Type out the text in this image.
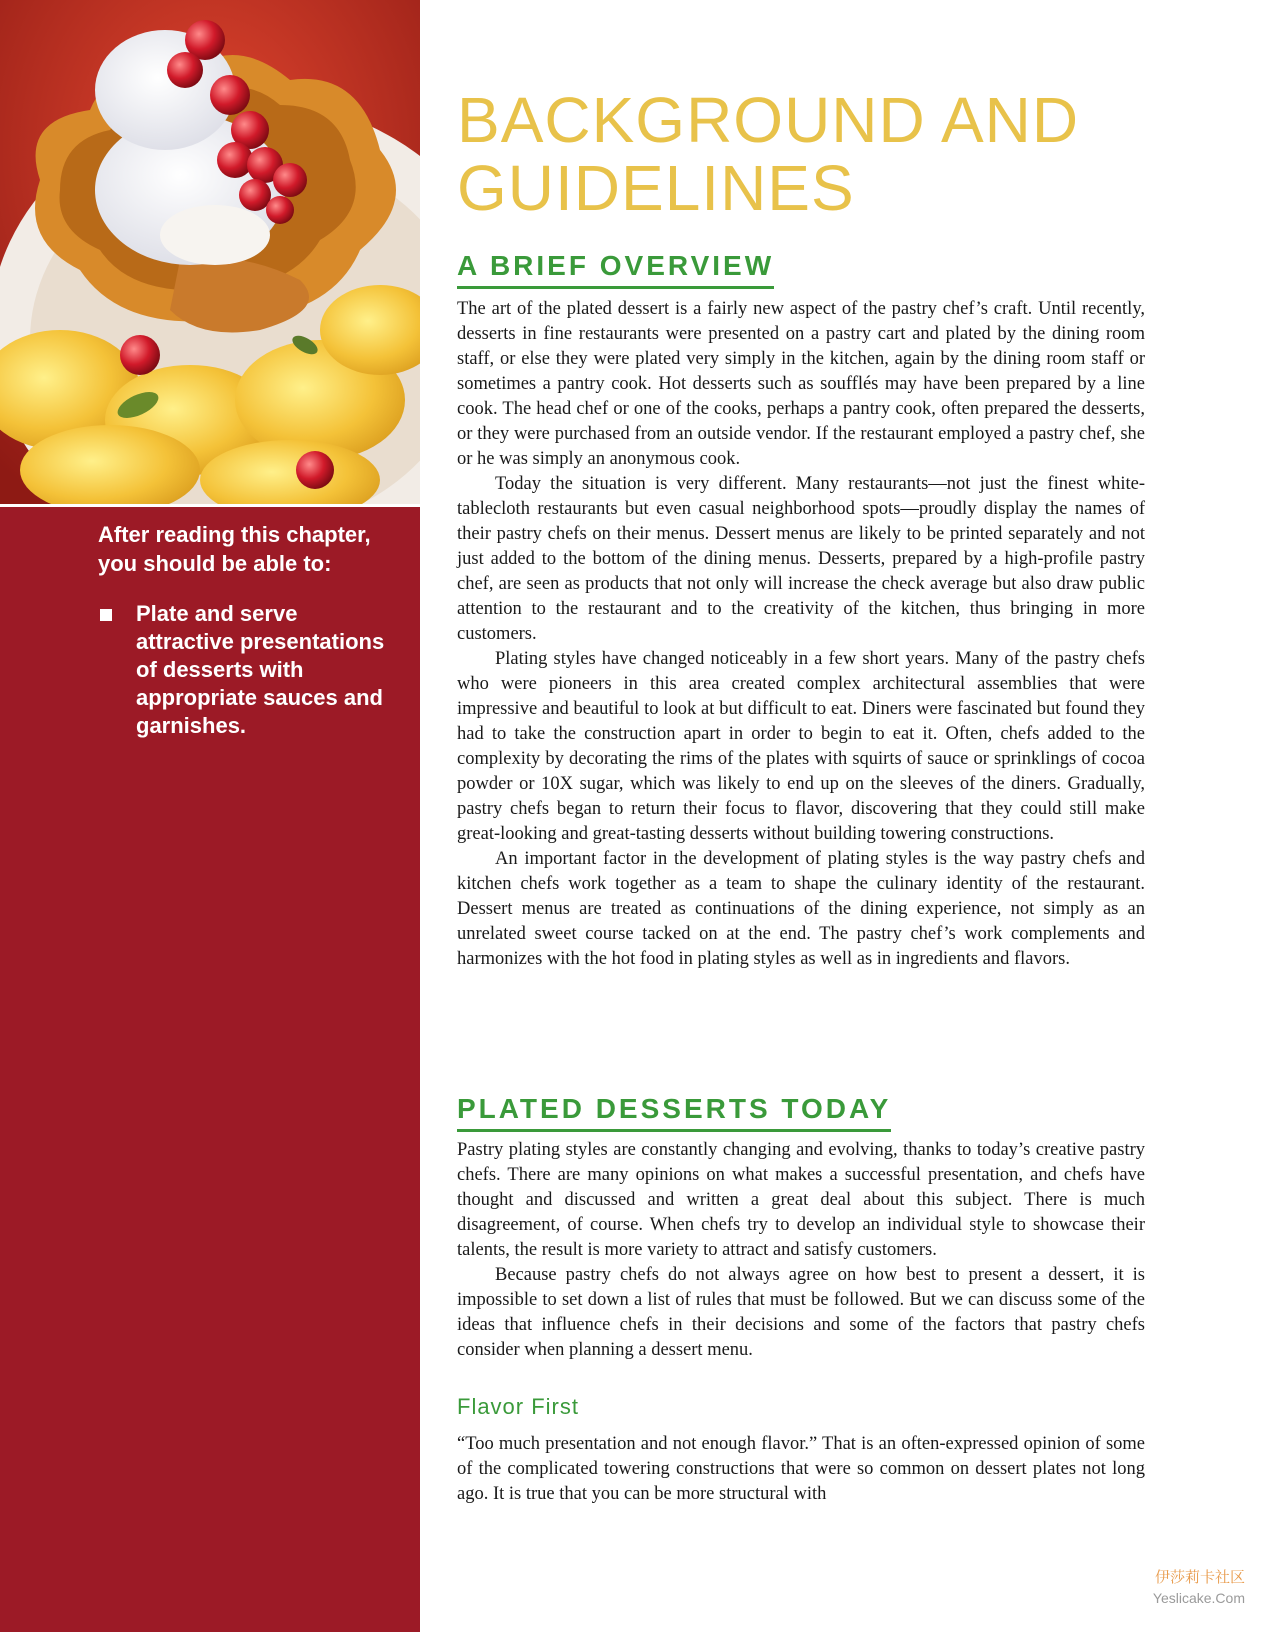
After reading this chapter, you should be able to:

Plate and serve attractive presentations of desserts with appropriate sauces and garnishes.
BACKGROUND AND GUIDELINES
A BRIEF OVERVIEW

The art of the plated dessert is a fairly new aspect of the pastry chef’s craft. Until recently, desserts in fine restaurants were presented on a pastry cart and plated by the dining room staff, or else they were plated very simply in the kitchen, again by the dining room staff or sometimes a pantry cook. Hot desserts such as soufflés may have been prepared by a line cook. The head chef or one of the cooks, perhaps a pantry cook, often prepared the desserts, or they were purchased from an outside vendor. If the restaurant employed a pastry chef, she or he was simply an anonymous cook.

Today the situation is very different. Many restaurants—not just the finest white-tablecloth restaurants but even casual neighborhood spots—proudly display the names of their pastry chefs on their menus. Dessert menus are likely to be printed separately and not just added to the bottom of the dining menus. Desserts, prepared by a high-profile pastry chef, are seen as products that not only will increase the check average but also draw public attention to the restaurant and to the creativity of the kitchen, thus bringing in more customers.

Plating styles have changed noticeably in a few short years. Many of the pastry chefs who were pioneers in this area created complex architectural assemblies that were impressive and beautiful to look at but difficult to eat. Diners were fascinated but found they had to take the construction apart in order to begin to eat it. Often, chefs added to the complexity by decorating the rims of the plates with squirts of sauce or sprinklings of cocoa powder or 10X sugar, which was likely to end up on the sleeves of the diners. Gradually, pastry chefs began to return their focus to flavor, discovering that they could still make great-looking and great-tasting desserts without building towering constructions.

An important factor in the development of plating styles is the way pastry chefs and kitchen chefs work together as a team to shape the culinary identity of the restaurant. Dessert menus are treated as continuations of the dining experience, not simply as an unrelated sweet course tacked on at the end. The pastry chef’s work complements and harmonizes with the hot food in plating styles as well as in ingredients and flavors.

PLATED DESSERTS TODAY

Pastry plating styles are constantly changing and evolving, thanks to today’s creative pastry chefs. There are many opinions on what makes a successful presentation, and chefs have thought and discussed and written a great deal about this subject. There is much disagreement, of course. When chefs try to develop an individual style to showcase their talents, the result is more variety to attract and satisfy customers.

Because pastry chefs do not always agree on how best to present a dessert, it is impossible to set down a list of rules that must be followed. But we can discuss some of the ideas that influence chefs in their decisions and some of the factors that pastry chefs consider when planning a dessert menu.

Flavor First

“Too much presentation and not enough flavor.” That is an often-expressed opinion of some of the complicated towering constructions that were so common on dessert plates not long ago. It is true that you can be more structural with

伊莎莉卡社区
Yeslicake.Com
